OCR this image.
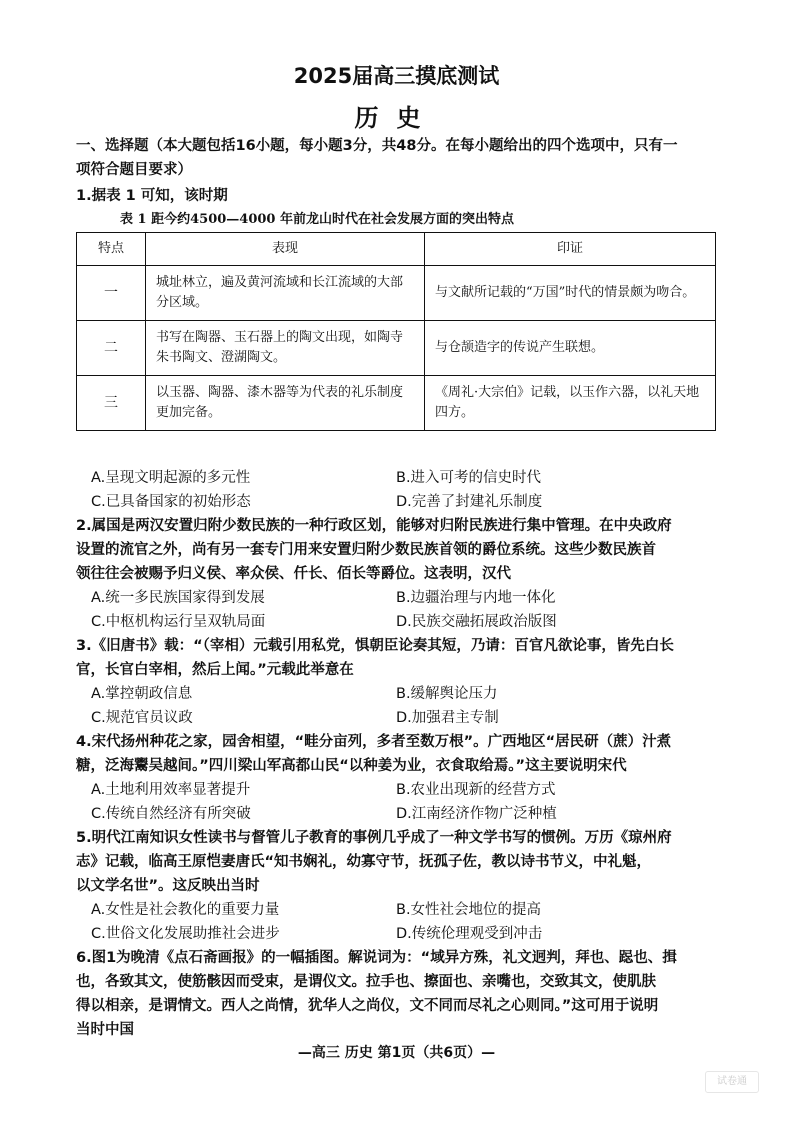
2025届高三摸底测试
历史
一、选择题（本大题包括16小题，每小题3分，共48分。在每小题给出的四个选项中，只有一
项符合题目要求）
1.据表 1 可知，该时期
表 1 距今约4500—4000 年前龙山时代在社会发展方面的突出特点
特点	表现	印证
一	城址林立，遍及黄河流域和长江流域的大部分区域。	与文献所记载的“万国”时代的情景颇为吻合。
二	书写在陶器、玉石器上的陶文出现，如陶寺朱书陶文、澄湖陶文。	与仓颉造字的传说产生联想。
三	以玉器、陶器、漆木器等为代表的礼乐制度更加完备。	《周礼·大宗伯》记载，以玉作六器，以礼天地四方。
A.呈现文明起源的多元性	B.进入可考的信史时代
C.已具备国家的初始形态	D.完善了封建礼乐制度
2.属国是两汉安置归附少数民族的一种行政区划，能够对归附民族进行集中管理。在中央政府
设置的流官之外，尚有另一套专门用来安置归附少数民族首领的爵位系统。这些少数民族首
领往往会被赐予归义侯、率众侯、仟长、佰长等爵位。这表明，汉代
A.统一多民族国家得到发展	B.边疆治理与内地一体化
C.中枢机构运行呈双轨局面	D.民族交融拓展政治版图
3.《旧唐书》载：“（宰相）元载引用私党，惧朝臣论奏其短，乃请：百官凡欲论事，皆先白长
官，长官白宰相，然后上闻。”元载此举意在
A.掌控朝政信息	B.缓解舆论压力
C.规范官员议政	D.加强君主专制
4.宋代扬州种花之家，园舍相望，“畦分亩列，多者至数万根”。广西地区“居民研（蔗）汁煮
糖，泛海鬻吴越间。”四川梁山军高都山民“以种姜为业，衣食取给焉。”这主要说明宋代
A.土地利用效率显著提升	B.农业出现新的经营方式
C.传统自然经济有所突破	D.江南经济作物广泛种植
5.明代江南知识女性读书与督管儿子教育的事例几乎成了一种文学书写的惯例。万历《琼州府
志》记载，临高王原恺妻唐氏“知书娴礼，幼寡守节，抚孤子佐，教以诗书节义，中礼魁，
以文学名世”。这反映出当时
A.女性是社会教化的重要力量	B.女性社会地位的提高
C.世俗文化发展助推社会进步	D.传统伦理观受到冲击
6.图1为晚清《点石斋画报》的一幅插图。解说词为：“域异方殊，礼文迥判，拜也、跽也、揖
也，各致其文，使筋骸因而受束，是谓仪文。拉手也、擦面也、亲嘴也，交致其文，使肌肤
得以相亲，是谓情文。西人之尚情，犹华人之尚仪，文不同而尽礼之心则同。”这可用于说明
当时中国
—高三 历史 第1页（共6页）—
试卷通
